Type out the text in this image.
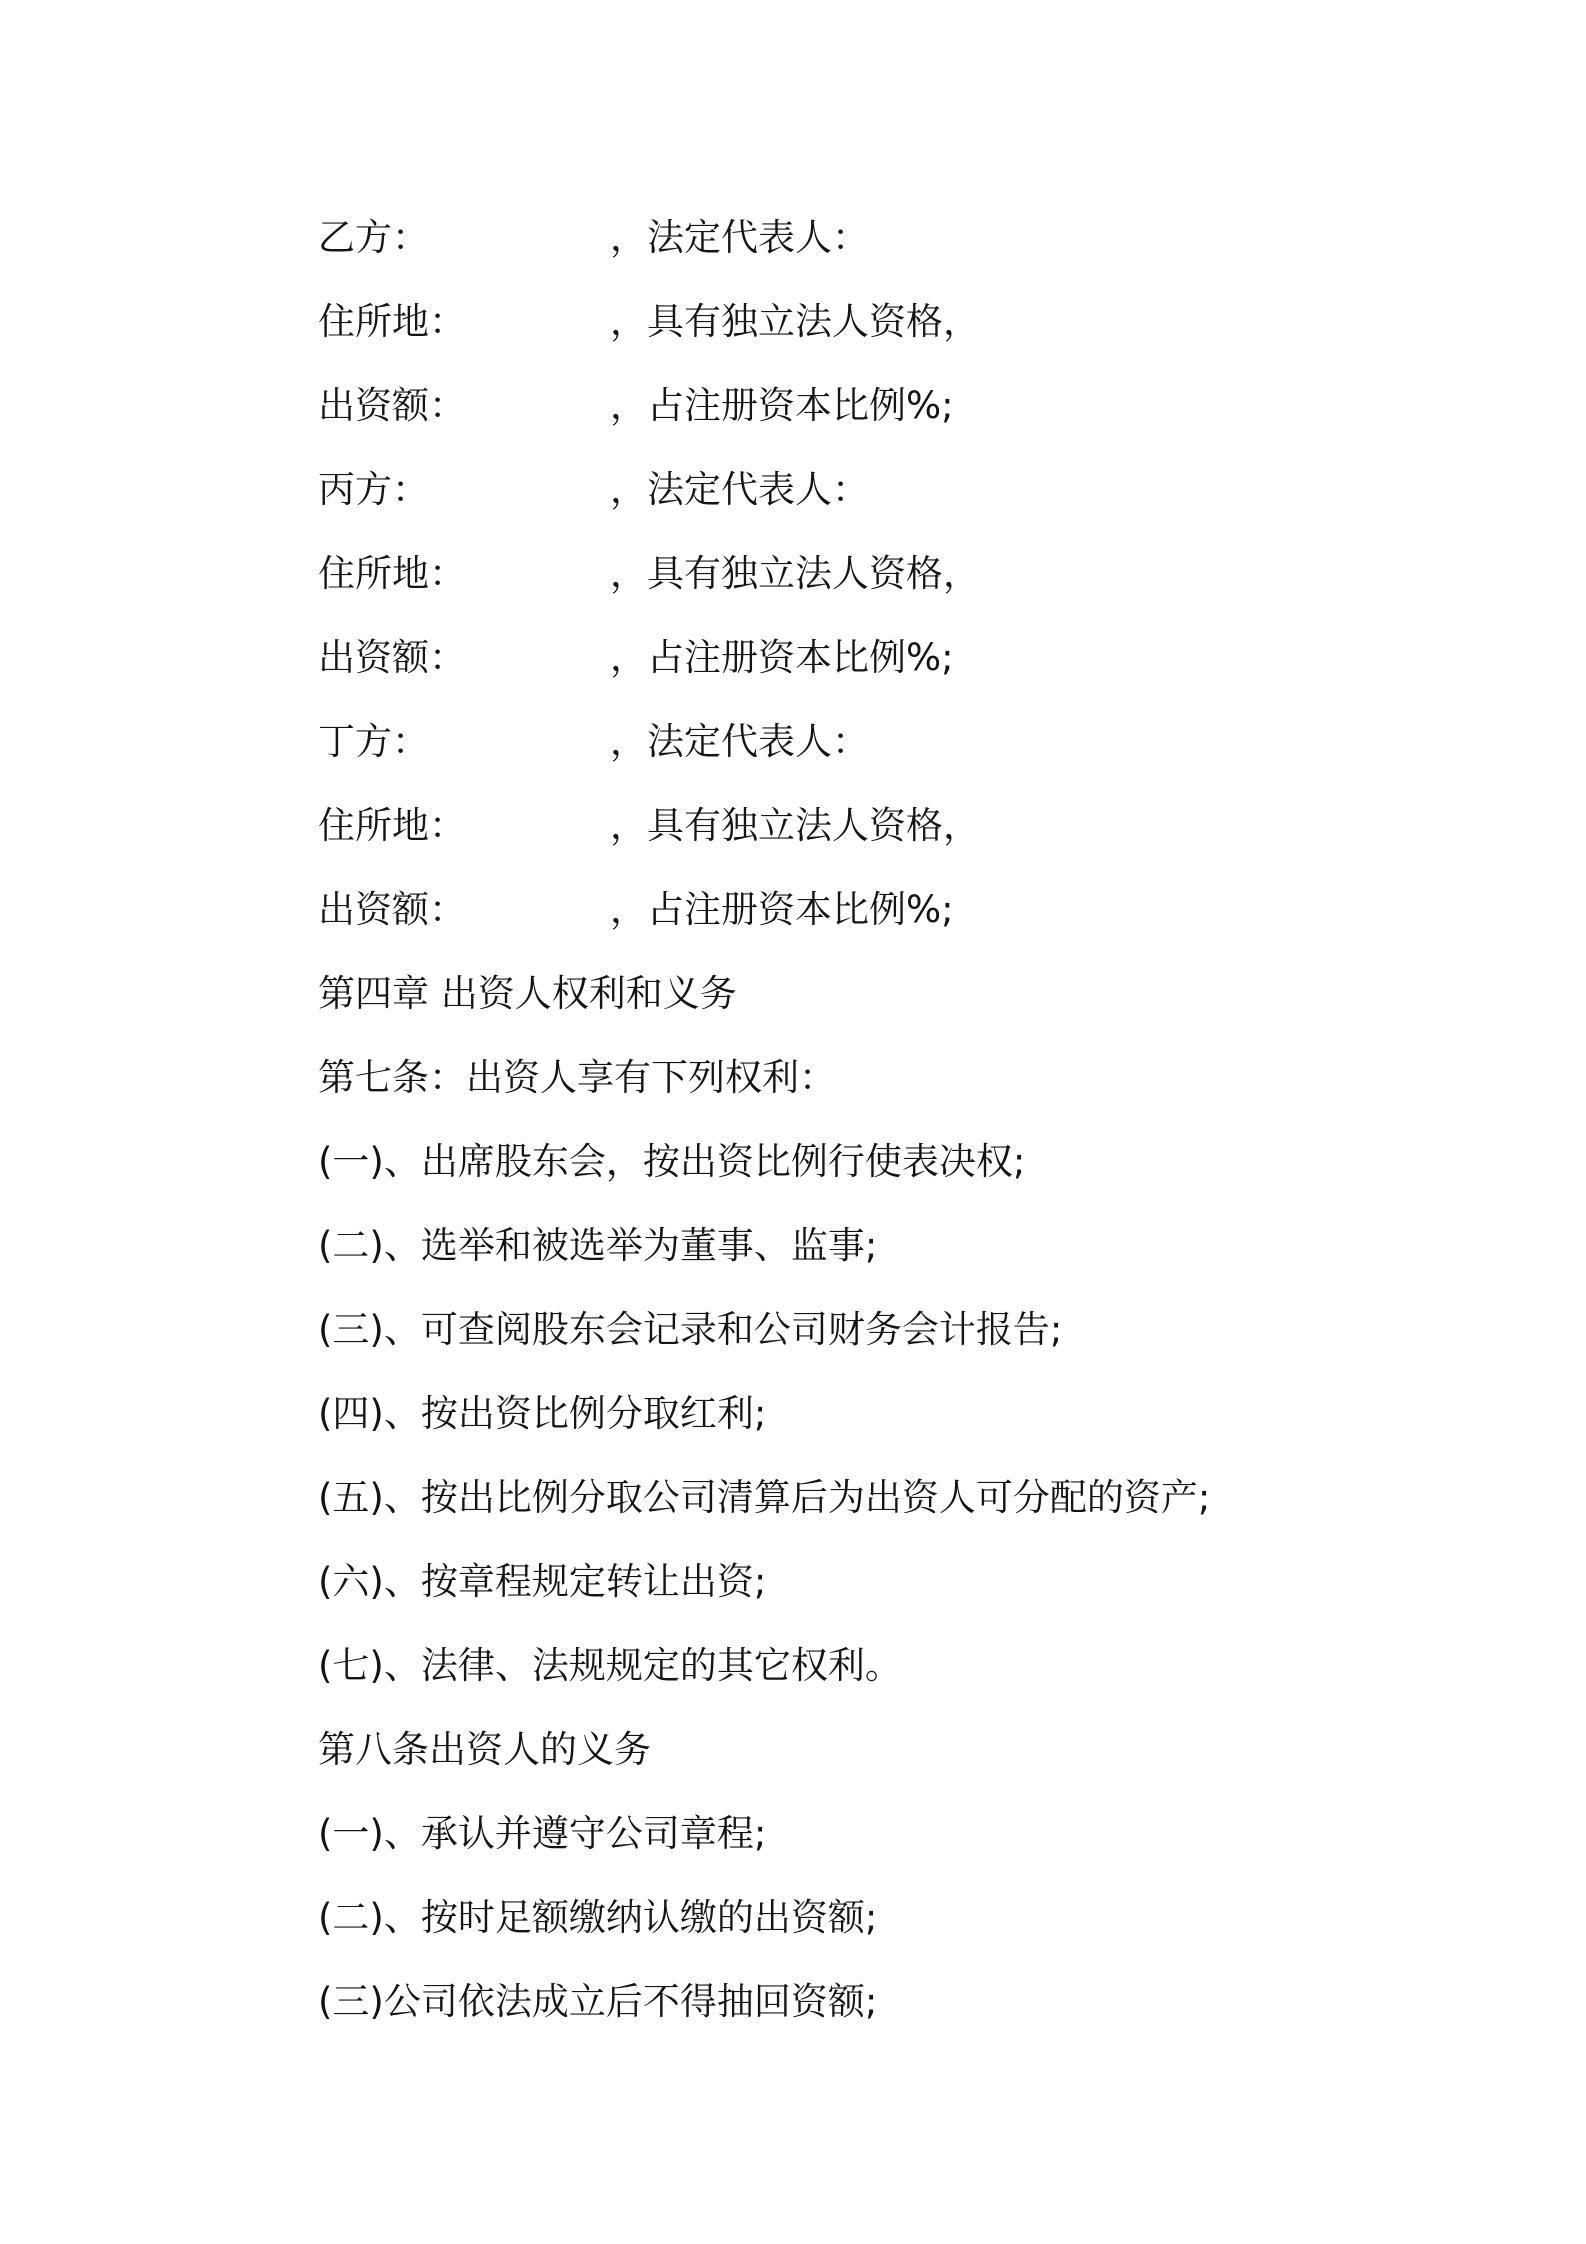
乙方：	，法定代表人：
住所地：	，具有独立法人资格，
出资额：	，占注册资本比例%;
丙方：	，法定代表人：
住所地：	，具有独立法人资格，
出资额：	，占注册资本比例%;
丁方：	，法定代表人：
住所地：	，具有独立法人资格，
出资额：	，占注册资本比例%;
第四章 出资人权利和义务
第七条：出资人享有下列权利：
(一)、出席股东会，按出资比例行使表决权;
(二)、选举和被选举为董事、监事;
(三)、可查阅股东会记录和公司财务会计报告;
(四)、按出资比例分取红利;
(五)、按出比例分取公司清算后为出资人可分配的资产;
(六)、按章程规定转让出资;
(七)、法律、法规规定的其它权利。
第八条出资人的义务
(一)、承认并遵守公司章程;
(二)、按时足额缴纳认缴的出资额;
(三)公司依法成立后不得抽回资额;
